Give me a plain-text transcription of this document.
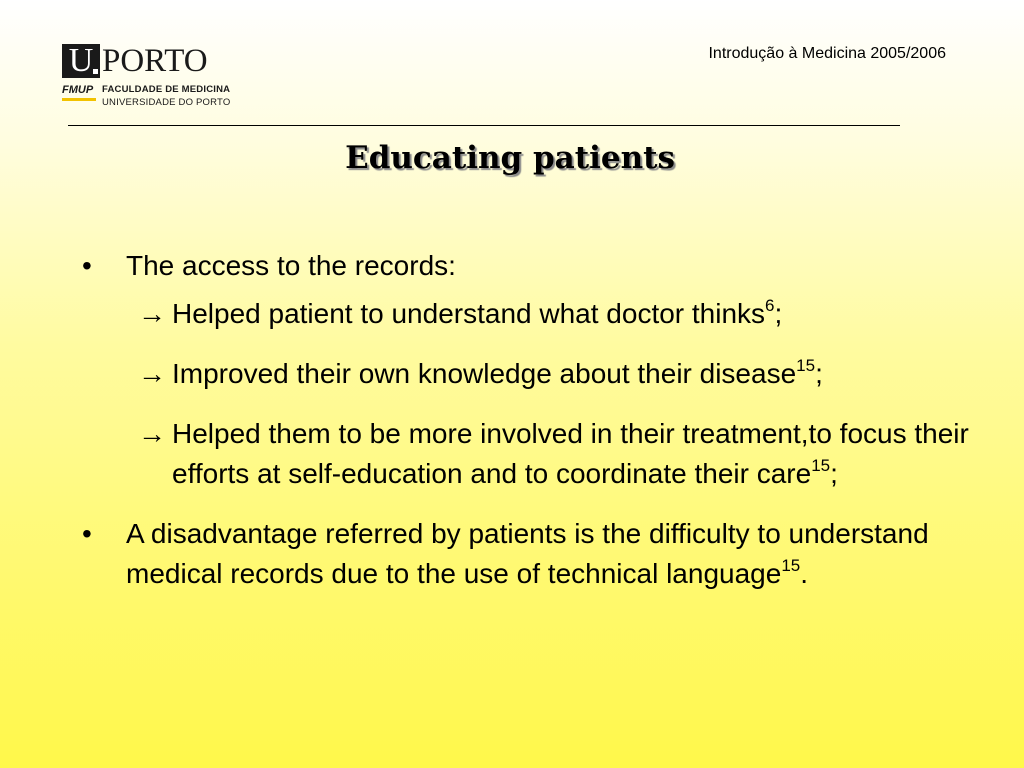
U PORTO
FMUP FACULDADE DE MEDICINA
UNIVERSIDADE DO PORTO
Introdução à Medicina 2005/2006
Educating patients
• The access to the records:
→ Helped patient to understand what doctor thinks$^6$;
→ Improved their own knowledge about their disease$^{15}$;
→ Helped them to be more involved in their treatment,to focus their efforts at self-education and to coordinate their care$^{15}$;
• A disadvantage referred by patients is the difficulty to understand medical records due to the use of technical language$^{15}$.
